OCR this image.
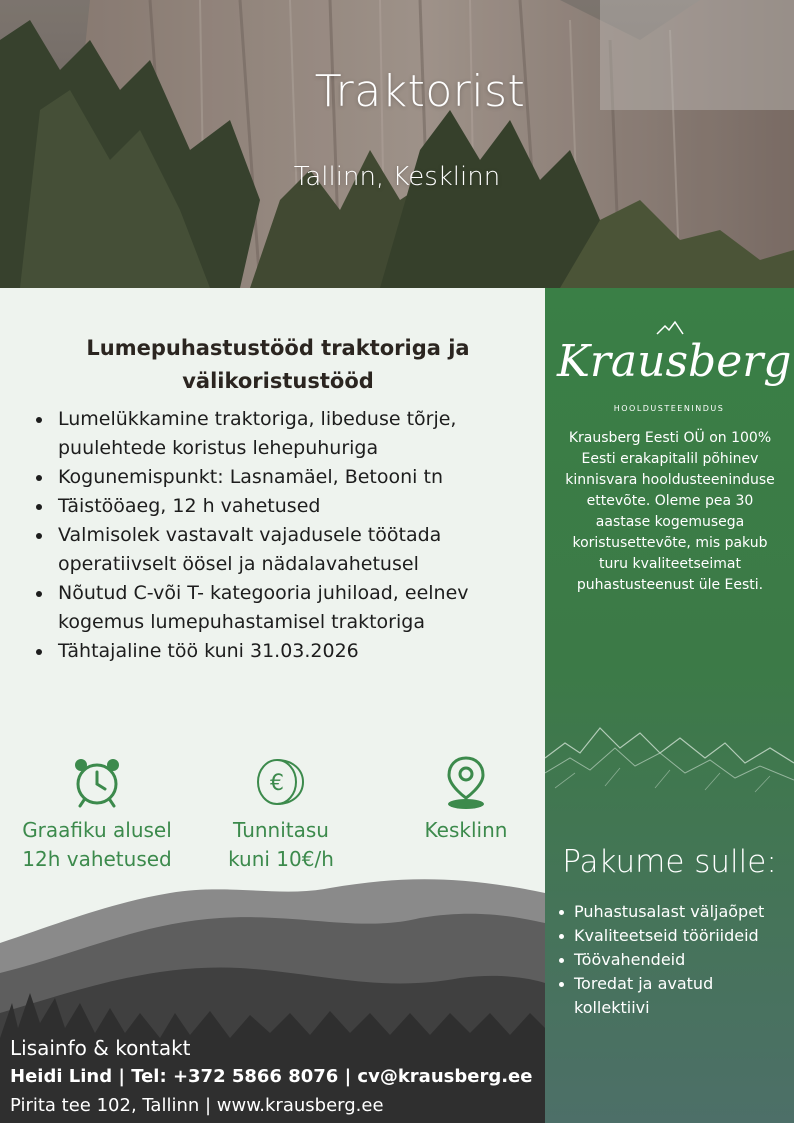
Traktorist
Tallinn, Kesklinn
Lumepuhastustööd traktoriga ja välikoristustööd
Lumelükkamine traktoriga, libeduse tõrje, puulehtede koristus lehepuhuriga
Kogunemispunkt: Lasnamäel, Betooni tn
Täistööaeg, 12 h vahetused
Valmisolek vastavalt vajadusele töötada operatiivselt öösel ja nädalavahetusel
Nõutud C-või T- kategooria juhiload, eelnev kogemus lumepuhastamisel traktoriga
Tähtajaline töö kuni 31.03.2026
Graafiku alusel
12h vahetused
€
Tunnitasu
kuni 10€/h
Kesklinn
Lisainfo & kontakt
Heidi Lind | Tel: +372 5866 8076 | cv@krausberg.ee
Pirita tee 102, Tallinn | www.krausberg.ee
Krausberg
HOOLDUSTEENINDUS
Krausberg Eesti OÜ on 100% Eesti erakapitalil põhinev kinnisvara hooldusteeninduse ettevõte. Oleme pea 30 aastase kogemusega koristusettevõte, mis pakub turu kvaliteetseimat puhastusteenust üle Eesti.
Pakume sulle:
Puhastusalast väljaõpet
Kvaliteetseid tööriideid
Töövahendeid
Toredat ja avatud kollektiivi
